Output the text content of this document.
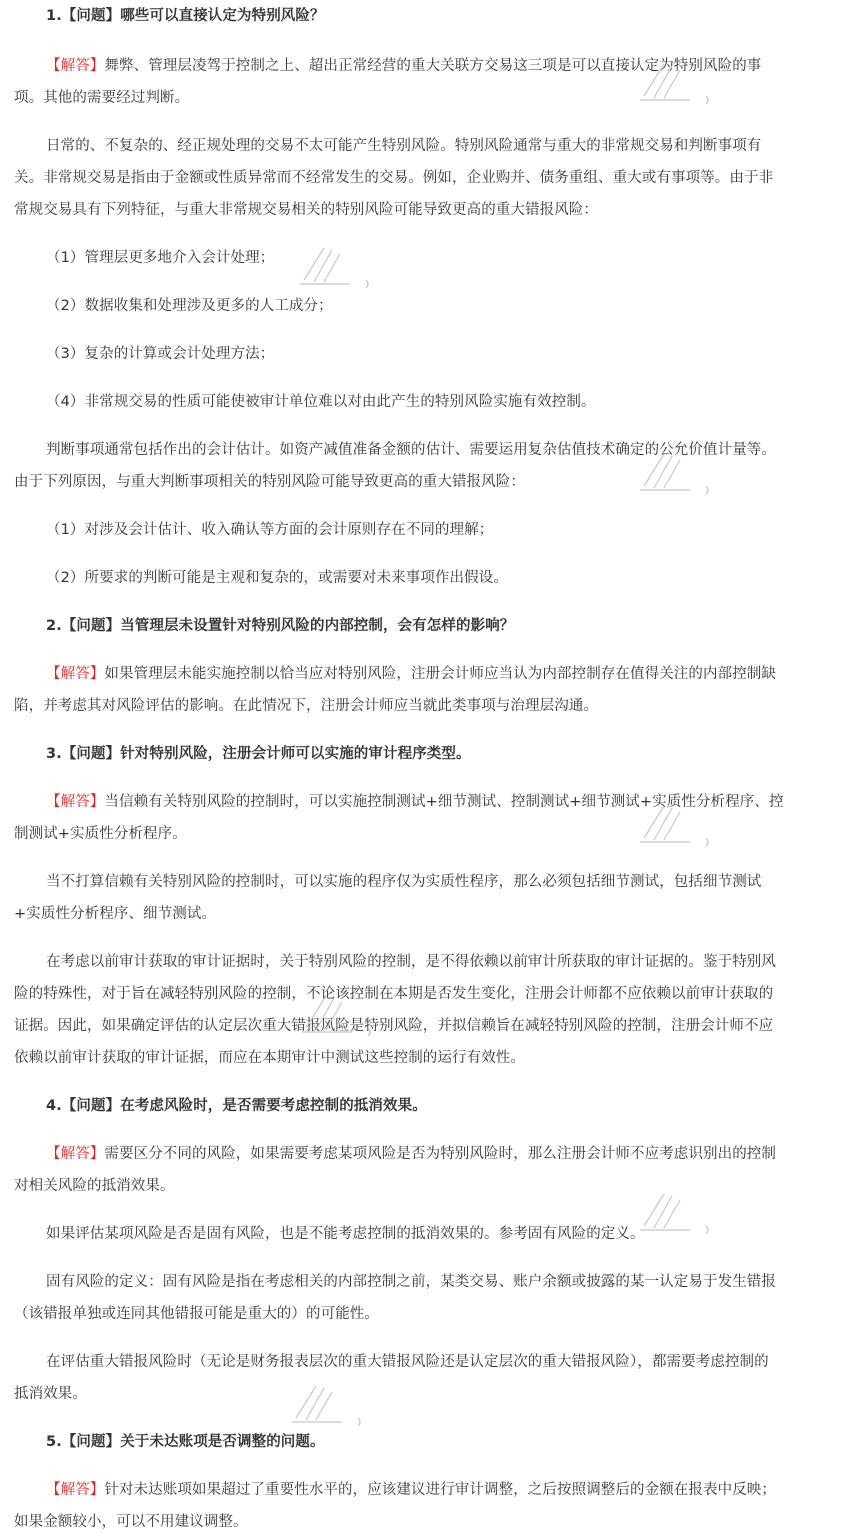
1.【问题】哪些可以直接认定为特别风险？
【解答】舞弊、管理层凌驾于控制之上、超出正常经营的重大关联方交易这三项是可以直接认定为特别风险的事
项。其他的需要经过判断。
日常的、不复杂的、经正规处理的交易不太可能产生特别风险。特别风险通常与重大的非常规交易和判断事项有
关。非常规交易是指由于金额或性质异常而不经常发生的交易。例如，企业购并、债务重组、重大或有事项等。由于非
常规交易具有下列特征，与重大非常规交易相关的特别风险可能导致更高的重大错报风险：
（1）管理层更多地介入会计处理；
（2）数据收集和处理涉及更多的人工成分；
（3）复杂的计算或会计处理方法；
（4）非常规交易的性质可能使被审计单位难以对由此产生的特别风险实施有效控制。
判断事项通常包括作出的会计估计。如资产减值准备金额的估计、需要运用复杂估值技术确定的公允价值计量等。
由于下列原因，与重大判断事项相关的特别风险可能导致更高的重大错报风险：
（1）对涉及会计估计、收入确认等方面的会计原则存在不同的理解；
（2）所要求的判断可能是主观和复杂的，或需要对未来事项作出假设。
2.【问题】当管理层未设置针对特别风险的内部控制，会有怎样的影响？
【解答】如果管理层未能实施控制以恰当应对特别风险，注册会计师应当认为内部控制存在值得关注的内部控制缺
陷，并考虑其对风险评估的影响。在此情况下，注册会计师应当就此类事项与治理层沟通。
3.【问题】针对特别风险，注册会计师可以实施的审计程序类型。
【解答】当信赖有关特别风险的控制时，可以实施控制测试+细节测试、控制测试+细节测试+实质性分析程序、控
制测试+实质性分析程序。
当不打算信赖有关特别风险的控制时，可以实施的程序仅为实质性程序，那么必须包括细节测试，包括细节测试
+实质性分析程序、细节测试。
在考虑以前审计获取的审计证据时，关于特别风险的控制，是不得依赖以前审计所获取的审计证据的。鉴于特别风
险的特殊性，对于旨在减轻特别风险的控制，不论该控制在本期是否发生变化，注册会计师都不应依赖以前审计获取的
证据。因此，如果确定评估的认定层次重大错报风险是特别风险，并拟信赖旨在减轻特别风险的控制，注册会计师不应
依赖以前审计获取的审计证据，而应在本期审计中测试这些控制的运行有效性。
4.【问题】在考虑风险时，是否需要考虑控制的抵消效果。
【解答】需要区分不同的风险，如果需要考虑某项风险是否为特别风险时，那么注册会计师不应考虑识别出的控制
对相关风险的抵消效果。
如果评估某项风险是否是固有风险，也是不能考虑控制的抵消效果的。参考固有风险的定义。
固有风险的定义：固有风险是指在考虑相关的内部控制之前，某类交易、账户余额或披露的某一认定易于发生错报
（该错报单独或连同其他错报可能是重大的）的可能性。
在评估重大错报风险时（无论是财务报表层次的重大错报风险还是认定层次的重大错报风险），都需要考虑控制的
抵消效果。
5.【问题】关于未达账项是否调整的问题。
【解答】针对未达账项如果超过了重要性水平的，应该建议进行审计调整，之后按照调整后的金额在报表中反映；
如果金额较小，可以不用建议调整。
